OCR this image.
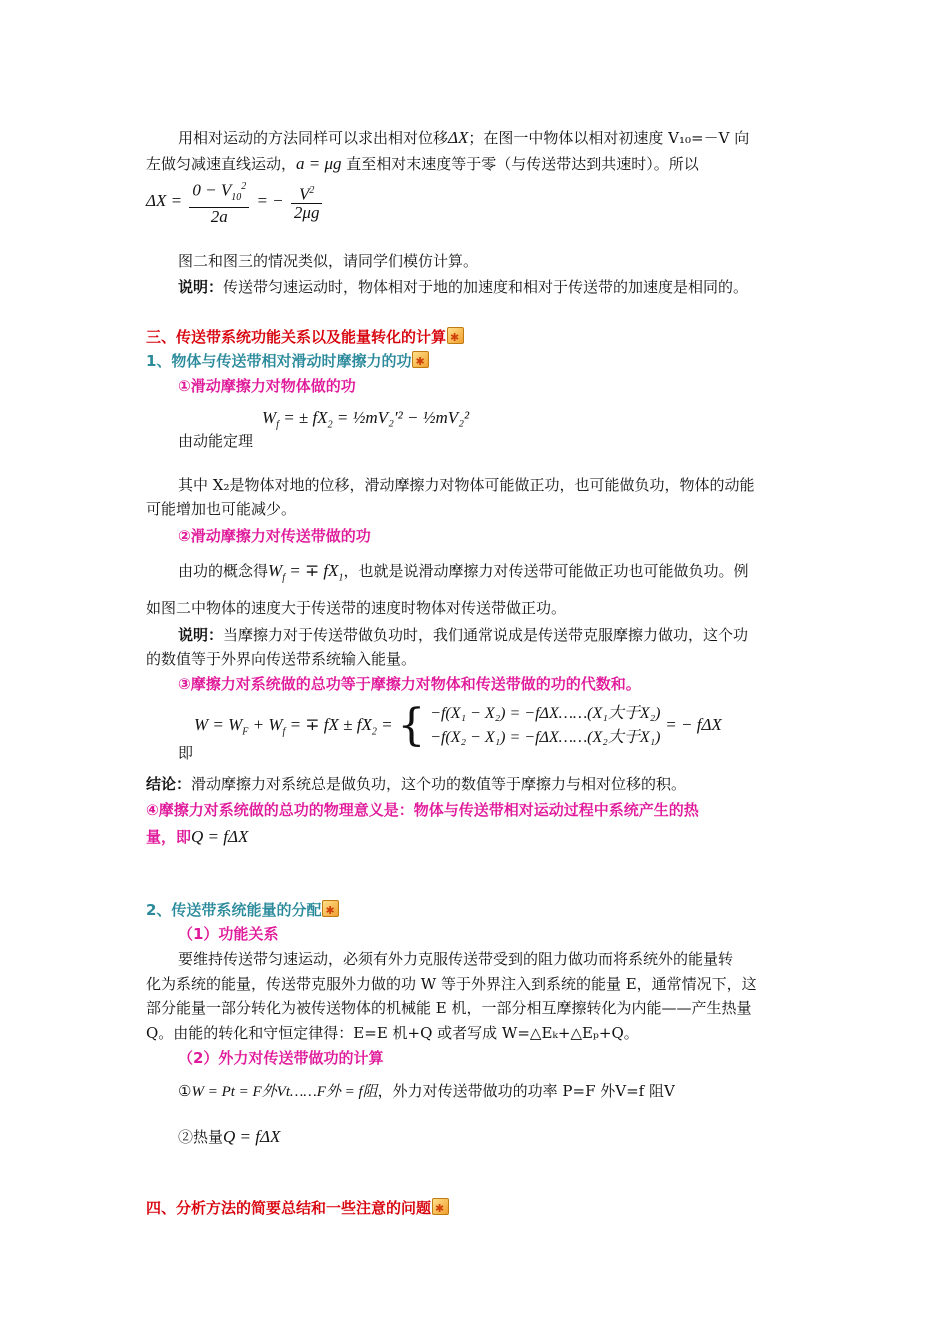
用相对运动的方法同样可以求出相对位移ΔX；在图一中物体以相对初速度 V₁₀=－V 向
左做匀减速直线运动，a = μg 直至相对末速度等于零（与传送带达到共速时）。所以
$\Delta X = \frac{0 - V_{10}^2}{2a}$ = − $\frac{V^2}{2\mu g}$
图二和图三的情况类似，请同学们模仿计算。
说明：传送带匀速运动时，物体相对于地的加速度和相对于传送带的加速度是相同的。
三、传送带系统功能关系以及能量转化的计算✱
1、物体与传送带相对滑动时摩擦力的功✱
①滑动摩擦力对物体做的功
$W_f$ = ± $fX_2$ = ½mV₂′² − ½mV₂²
由动能定理
其中 X₂是物体对地的位移，滑动摩擦力对物体可能做正功，也可能做负功，物体的动能
可能增加也可能减少。
②滑动摩擦力对传送带做的功
由功的概念得$W_f$ = ∓ $fX_1$，也就是说滑动摩擦力对传送带可能做正功也可能做负功。例
如图二中物体的速度大于传送带的速度时物体对传送带做正功。
说明：当摩擦力对于传送带做负功时，我们通常说成是传送带克服摩擦力做功，这个功
的数值等于外界向传送带系统输入能量。
③摩擦力对系统做的总功等于摩擦力对物体和传送带做的功的代数和。
$W = W_F + W_f$ = ∓ fX ± $fX_2$ = { −f(X₁ − X₂) = −fΔX……(X₁大于X₂)
−f(X₂ − X₁) = −fΔX……(X₂大于X₁)
= − fΔX
即
结论：滑动摩擦力对系统总是做负功，这个功的数值等于摩擦力与相对位移的积。
④摩擦力对系统做的总功的物理意义是：物体与传送带相对运动过程中系统产生的热
量，即Q = fΔX
2、传送带系统能量的分配✱
（1）功能关系
要维持传送带匀速运动，必须有外力克服传送带受到的阻力做功而将系统外的能量转
化为系统的能量，传送带克服外力做的功 W 等于外界注入到系统的能量 E，通常情况下，这
部分能量一部分转化为被传送物体的机械能 E 机，一部分相互摩擦转化为内能——产生热量
Q。由能的转化和守恒定律得：E=E 机+Q 或者写成 W=△Eₖ+△Eₚ+Q。
（2）外力对传送带做功的计算
①W = Pt = F外Vt……F外 = f阻，外力对传送带做功的功率 P=F 外V=f 阻V
②热量Q = fΔX
四、分析方法的简要总结和一些注意的问题✱
